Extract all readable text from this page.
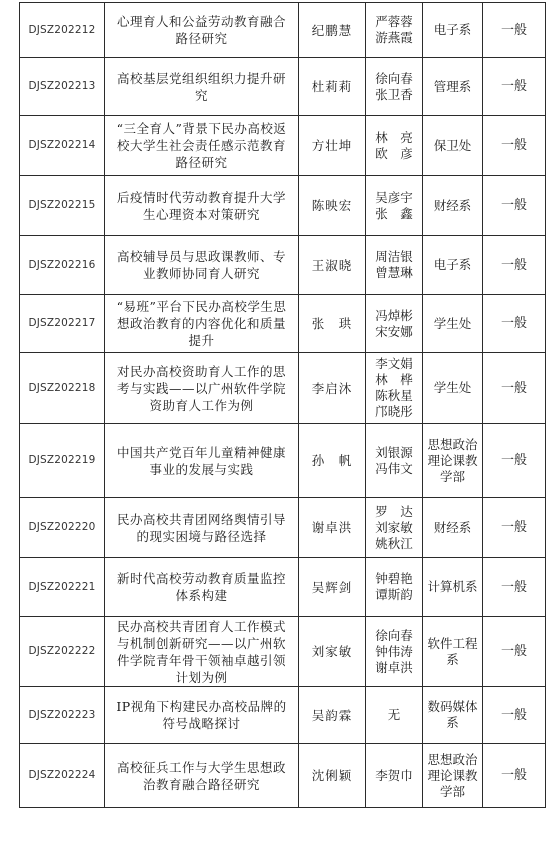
DJSZ202212	心理育人和公益劳动教育融合路径研究	纪鹏慧	严蓉蓉
游燕霞	电子系	一般
DJSZ202213	高校基层党组织组织力提升研究	杜莉莉	徐向春
张卫香	管理系	一般
DJSZ202214	“三全育人”背景下民办高校返校大学生社会责任感示范教育路径研究	方壮坤	林　亮
欧　彦	保卫处	一般
DJSZ202215	后疫情时代劳动教育提升大学生心理资本对策研究	陈映宏	吴彦宇
张　鑫	财经系	一般
DJSZ202216	高校辅导员与思政课教师、专业教师协同育人研究	王淑晓	周洁银
曾慧琳	电子系	一般
DJSZ202217	“易班”平台下民办高校学生思想政治教育的内容优化和质量提升	张　珙	冯焯彬
宋安娜	学生处	一般
DJSZ202218	对民办高校资助育人工作的思考与实践——以广州软件学院资助育人工作为例	李启沐	李文娟
林　桦
陈秋星
邝晓彤	学生处	一般
DJSZ202219	中国共产党百年儿童精神健康事业的发展与实践	孙　帆	刘银源
冯伟文	思想政治理论课教学部	一般
DJSZ202220	民办高校共青团网络舆情引导的现实困境与路径选择	谢卓洪	罗　达
刘家敏
姚秋江	财经系	一般
DJSZ202221	新时代高校劳动教育质量监控体系构建	吴辉剑	钟碧艳
谭斯韵	计算机系	一般
DJSZ202222	民办高校共青团育人工作模式与机制创新研究——以广州软件学院青年骨干领袖卓越引领计划为例	刘家敏	徐向春
钟伟涛
谢卓洪	软件工程系	一般
DJSZ202223	IP视角下构建民办高校品牌的符号战略探讨	吴韵霖	无	数码媒体系	一般
DJSZ202224	高校征兵工作与大学生思想政治教育融合路径研究	沈俐颖	李贺巾	思想政治理论课教学部	一般
